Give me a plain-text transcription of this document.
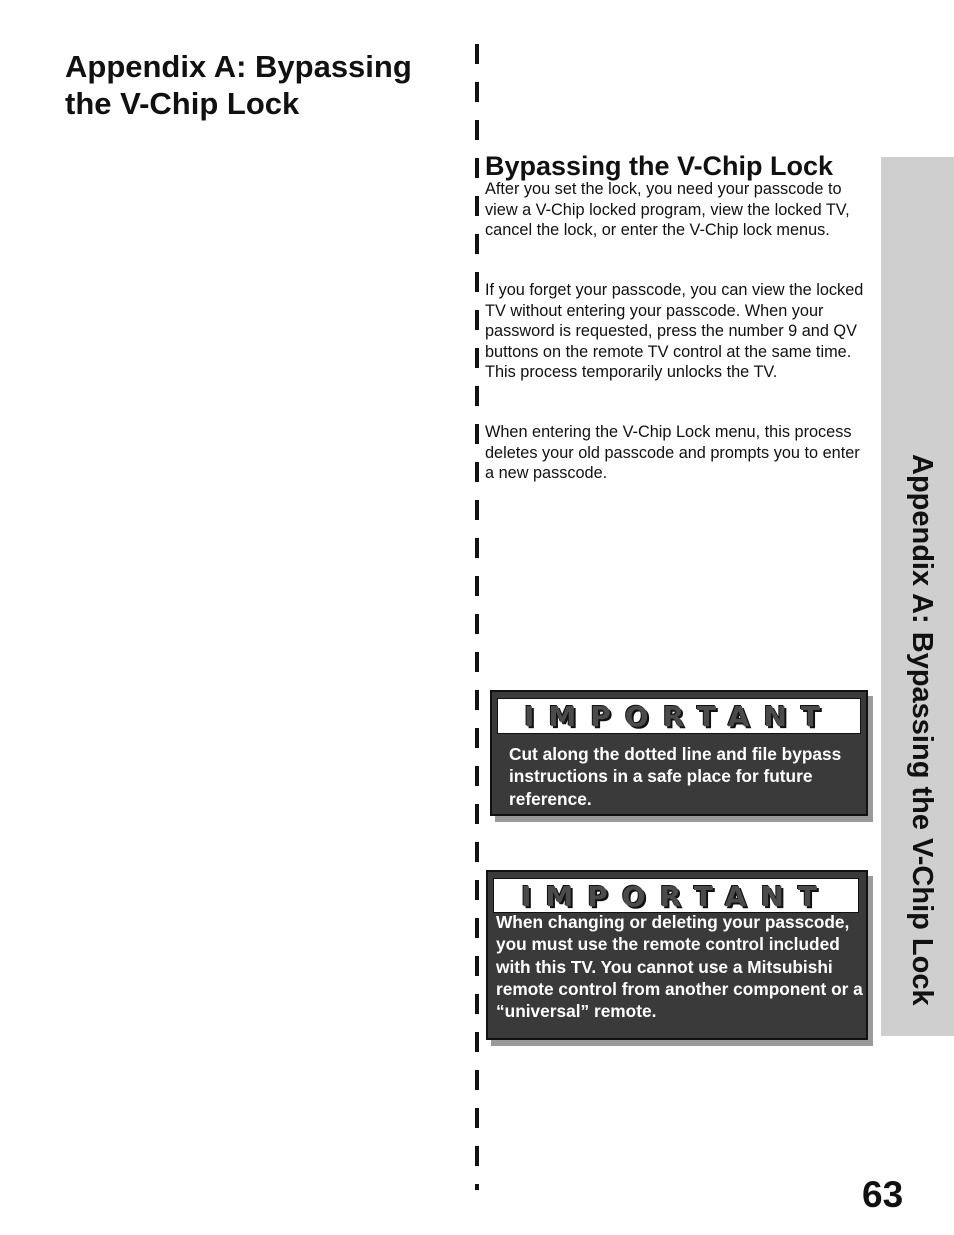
Appendix A: Bypassing the V-Chip Lock
Bypassing the V-Chip Lock

After you set the lock, you need your passcode to view a V-Chip locked program, view the locked TV, cancel the lock, or enter the V-Chip lock menus.

If you forget your passcode, you can view the locked TV without entering your passcode. When your password is requested, press the number 9 and QV buttons on the remote TV control at the same time. This process temporarily unlocks the TV.

When entering the V-Chip Lock menu, this process deletes your old passcode and prompts you to enter a new passcode.	Appendix A: Bypassing the V-Chip Lock
IMPORTANT

Cut along the dotted line and file bypass instructions in a safe place for future reference.

IMPORTANT

When changing or deleting your passcode, you must use the remote control included with this TV. You cannot use a Mitsubishi remote control from another component or a “universal” remote.

63
